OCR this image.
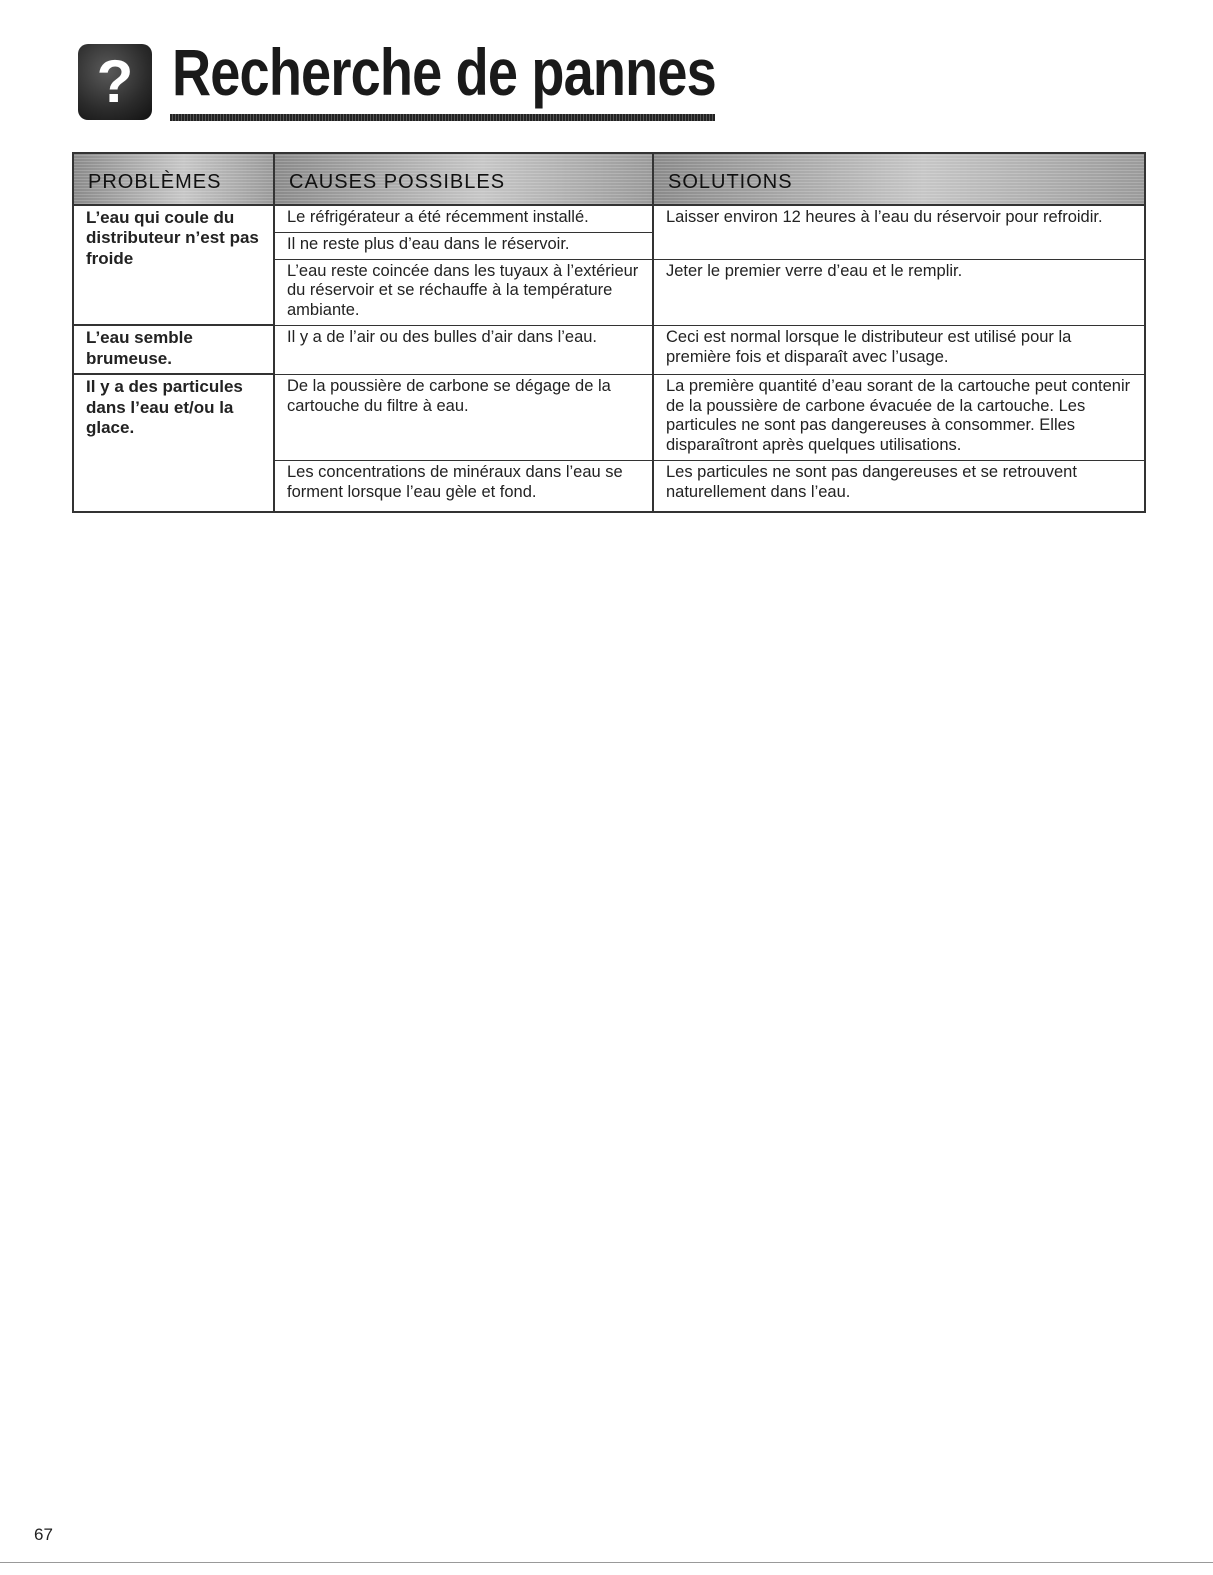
? Recherche de pannes
PROBLÈMES	CAUSES POSSIBLES	SOLUTIONS
L’eau qui coule du distributeur n’est pas froide	Le réfrigérateur a été récemment installé.	Laisser environ 12 heures à l’eau du réservoir pour refroidir.
	Il ne reste plus d’eau dans le réservoir.	
	L’eau reste coincée dans les tuyaux à l’extérieur du réservoir et se réchauffe à la température ambiante.	Jeter le premier verre d’eau et le remplir.
L’eau semble brumeuse.	Il y a de l’air ou des bulles d’air dans l’eau.	Ceci est normal lorsque le distributeur est utilisé pour la première fois et disparaît avec l’usage.
Il y a des particules dans l’eau et/ou la glace.	De la poussière de carbone se dégage de la cartouche du filtre à eau.	La première quantité d’eau sorant de la cartouche peut contenir de la poussière de carbone évacuée de la cartouche. Les particules ne sont pas dangereuses à consommer. Elles disparaîtront après quelques utilisations.
	Les concentrations de minéraux dans l’eau se forment lorsque l’eau gèle et fond.	Les particules ne sont pas dangereuses et se retrouvent naturellement dans l’eau.
67
